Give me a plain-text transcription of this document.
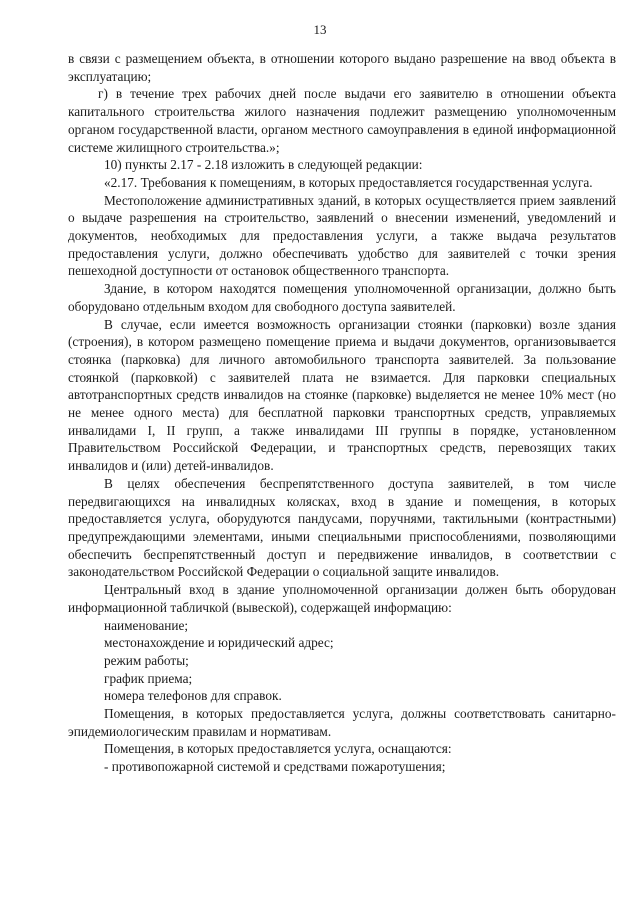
13

в связи с размещением объекта, в отношении которого выдано разрешение на ввод объекта в эксплуатацию;

г) в течение трех рабочих дней после выдачи его заявителю в отношении объекта капитального строительства жилого назначения подлежит размещению уполномоченным органом государственной власти, органом местного самоуправления в единой информационной системе жилищного строительства.»;

10) пункты 2.17 - 2.18 изложить в следующей редакции:

«2.17. Требования к помещениям, в которых предоставляется государственная услуга.

Местоположение административных зданий, в которых осуществляется прием заявлений о выдаче разрешения на строительство, заявлений о внесении изменений, уведомлений и документов, необходимых для предоставления услуги, а также выдача результатов предоставления услуги, должно обеспечивать удобство для заявителей с точки зрения пешеходной доступности от остановок общественного транспорта.

Здание, в котором находятся помещения уполномоченной организации, должно быть оборудовано отдельным входом для свободного доступа заявителей.

В случае, если имеется возможность организации стоянки (парковки) возле здания (строения), в котором размещено помещение приема и выдачи документов, организовывается стоянка (парковка) для личного автомобильного транспорта заявителей. За пользование стоянкой (парковкой) с заявителей плата не взимается. Для парковки специальных автотранспортных средств инвалидов на стоянке (парковке) выделяется не менее 10% мест (но не менее одного места) для бесплатной парковки транспортных средств, управляемых инвалидами I, II групп, а также инвалидами III группы в порядке, установленном Правительством Российской Федерации, и транспортных средств, перевозящих таких инвалидов и (или) детей-инвалидов.

В целях обеспечения беспрепятственного доступа заявителей, в том числе передвигающихся на инвалидных колясках, вход в здание и помещения, в которых предоставляется услуга, оборудуются пандусами, поручнями, тактильными (контрастными) предупреждающими элементами, иными специальными приспособлениями, позволяющими обеспечить беспрепятственный доступ и передвижение инвалидов, в соответствии с законодательством Российской Федерации о социальной защите инвалидов.

Центральный вход в здание уполномоченной организации должен быть оборудован информационной табличкой (вывеской), содержащей информацию:

наименование;

местонахождение и юридический адрес;

режим работы;

график приема;

номера телефонов для справок.

Помещения, в которых предоставляется услуга, должны соответствовать санитарно-эпидемиологическим правилам и нормативам.

Помещения, в которых предоставляется услуга, оснащаются:

- противопожарной системой и средствами пожаротушения;
